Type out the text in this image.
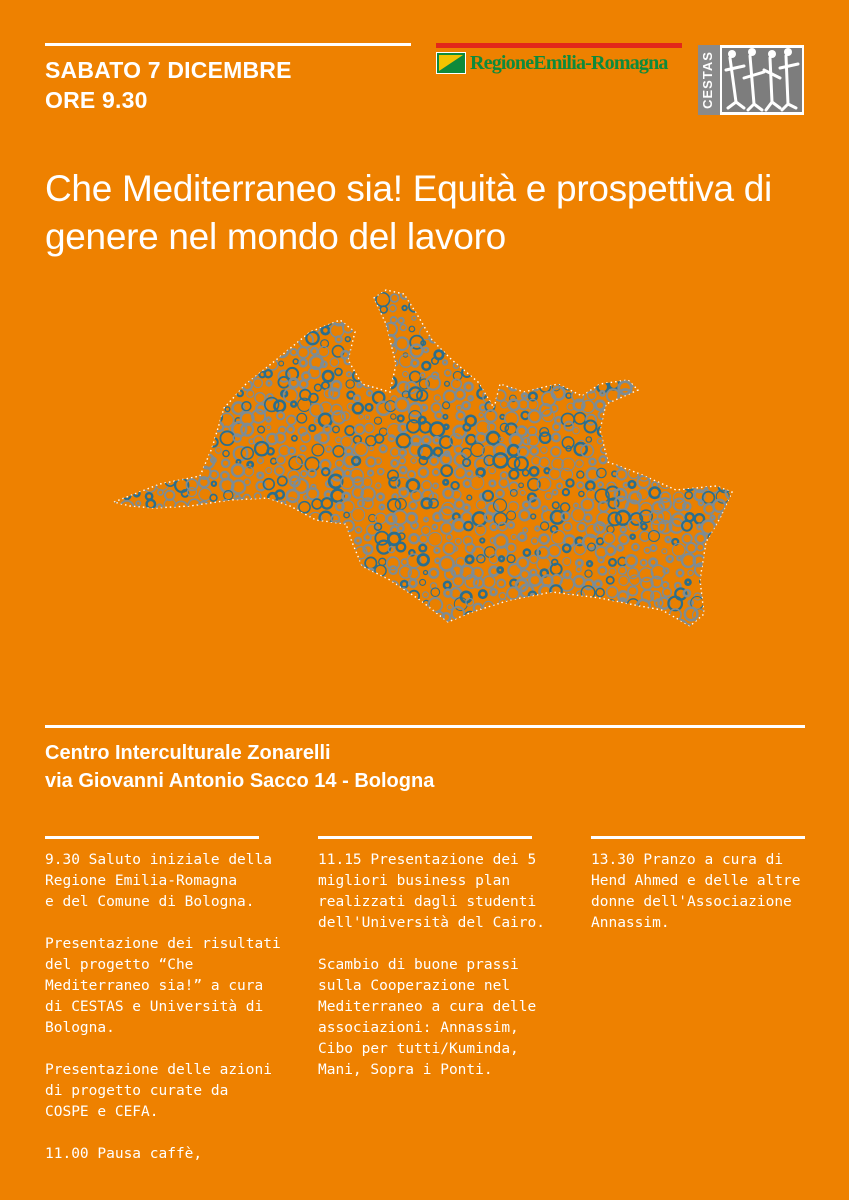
SABATO 7 DICEMBRE
ORE 9.30
RegioneEmilia-Romagna CESTAS
Che Mediterraneo sia! Equità e prospettiva di genere nel mondo del lavoro
Centro Interculturale Zonarelli
via Giovanni Antonio Sacco 14 - Bologna

9.30 Saluto iniziale della
Regione Emilia-Romagna
e del Comune di Bologna.

Presentazione dei risultati
del progetto “Che
Mediterraneo sia!” a cura
di CESTAS e Università di
Bologna.

Presentazione delle azioni
di progetto curate da
COSPE e CEFA.

11.00 Pausa caffè,

11.15 Presentazione dei 5
migliori business plan
realizzati dagli studenti
dell'Università del Cairo.

Scambio di buone prassi
sulla Cooperazione nel
Mediterraneo a cura delle
associazioni: Annassim,
Cibo per tutti/Kuminda,
Mani, Sopra i Ponti.

13.30 Pranzo a cura di
Hend Ahmed e delle altre
donne dell'Associazione
Annassim.
